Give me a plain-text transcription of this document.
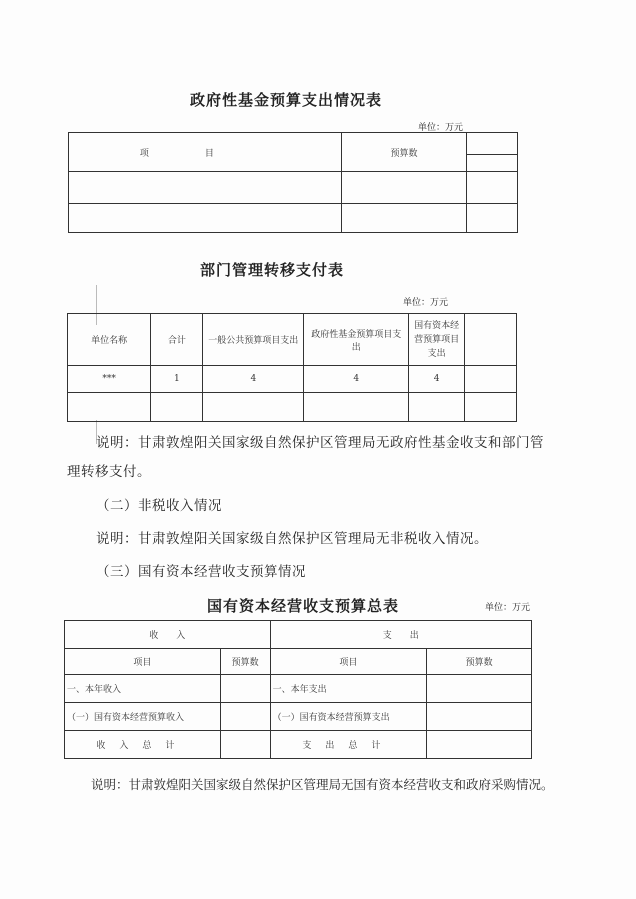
政府性基金预算支出情况表
单位：万元
项目	预算数	

部门管理转移支付表
单位：万元
单位名称	合计	一般公共预算项目支出	政府性基金预算项目支出	国有资本经营预算项目支出	
***	1	4	4	4	

说明：甘肃敦煌阳关国家级自然保护区管理局无政府性基金收支和部门管
理转移支付。
（二）非税收入情况
说明：甘肃敦煌阳关国家级自然保护区管理局无非税收入情况。
（三）国有资本经营收支预算情况
国有资本经营收支预算总表	单位：万元
收　　入		支　　出	
项目	预算数	项目	预算数
一、本年收入		一、本年支出	
（一）国有资本经营预算收入		（一）国有资本经营预算支出	
收入总计		支出总计	
说明：甘肃敦煌阳关国家级自然保护区管理局无国有资本经营收支和政府采购情况。
